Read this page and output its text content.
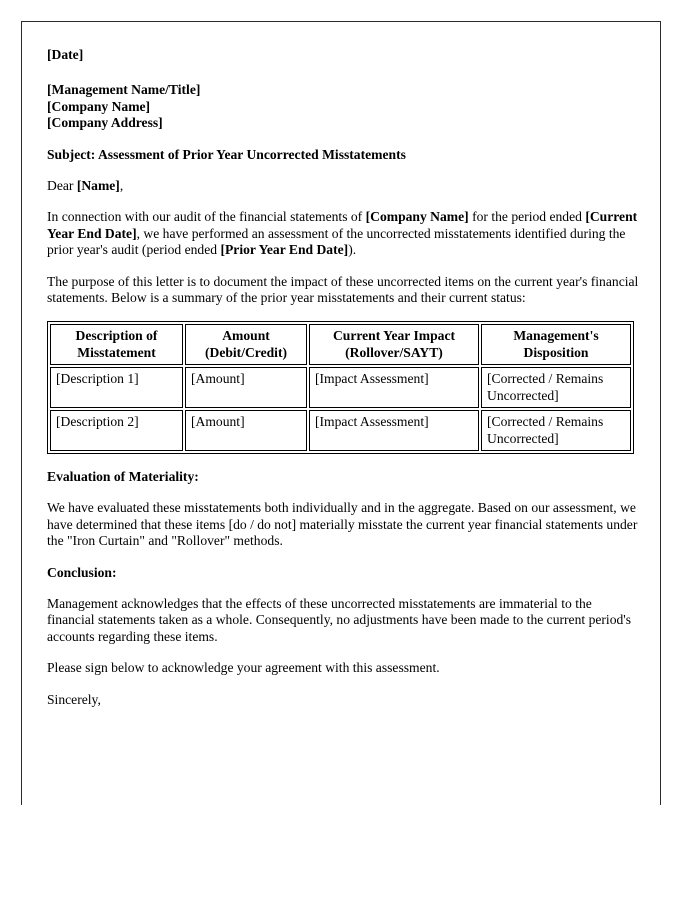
[Date]
[Management Name/Title]
[Company Name]
[Company Address]
Subject: Assessment of Prior Year Uncorrected Misstatements

Dear [Name],

In connection with our audit of the financial statements of [Company Name] for the period ended [Current Year End Date], we have performed an assessment of the uncorrected misstatements identified during the prior year's audit (period ended [Prior Year End Date]).

The purpose of this letter is to document the impact of these uncorrected items on the current year's financial statements. Below is a summary of the prior year misstatements and their current status:

Description of Misstatement	Amount (Debit/Credit)	Current Year Impact (Rollover/SAYT)	Management's Disposition
[Description 1]	[Amount]	[Impact Assessment]	[Corrected / Remains Uncorrected]
[Description 2]	[Amount]	[Impact Assessment]	[Corrected / Remains Uncorrected]
Evaluation of Materiality:

We have evaluated these misstatements both individually and in the aggregate. Based on our assessment, we have determined that these items [do / do not] materially misstate the current year financial statements under the "Iron Curtain" and "Rollover" methods.

Conclusion:

Management acknowledges that the effects of these uncorrected misstatements are immaterial to the financial statements taken as a whole. Consequently, no adjustments have been made to the current period's accounts regarding these items.

Please sign below to acknowledge your agreement with this assessment.

Sincerely,
